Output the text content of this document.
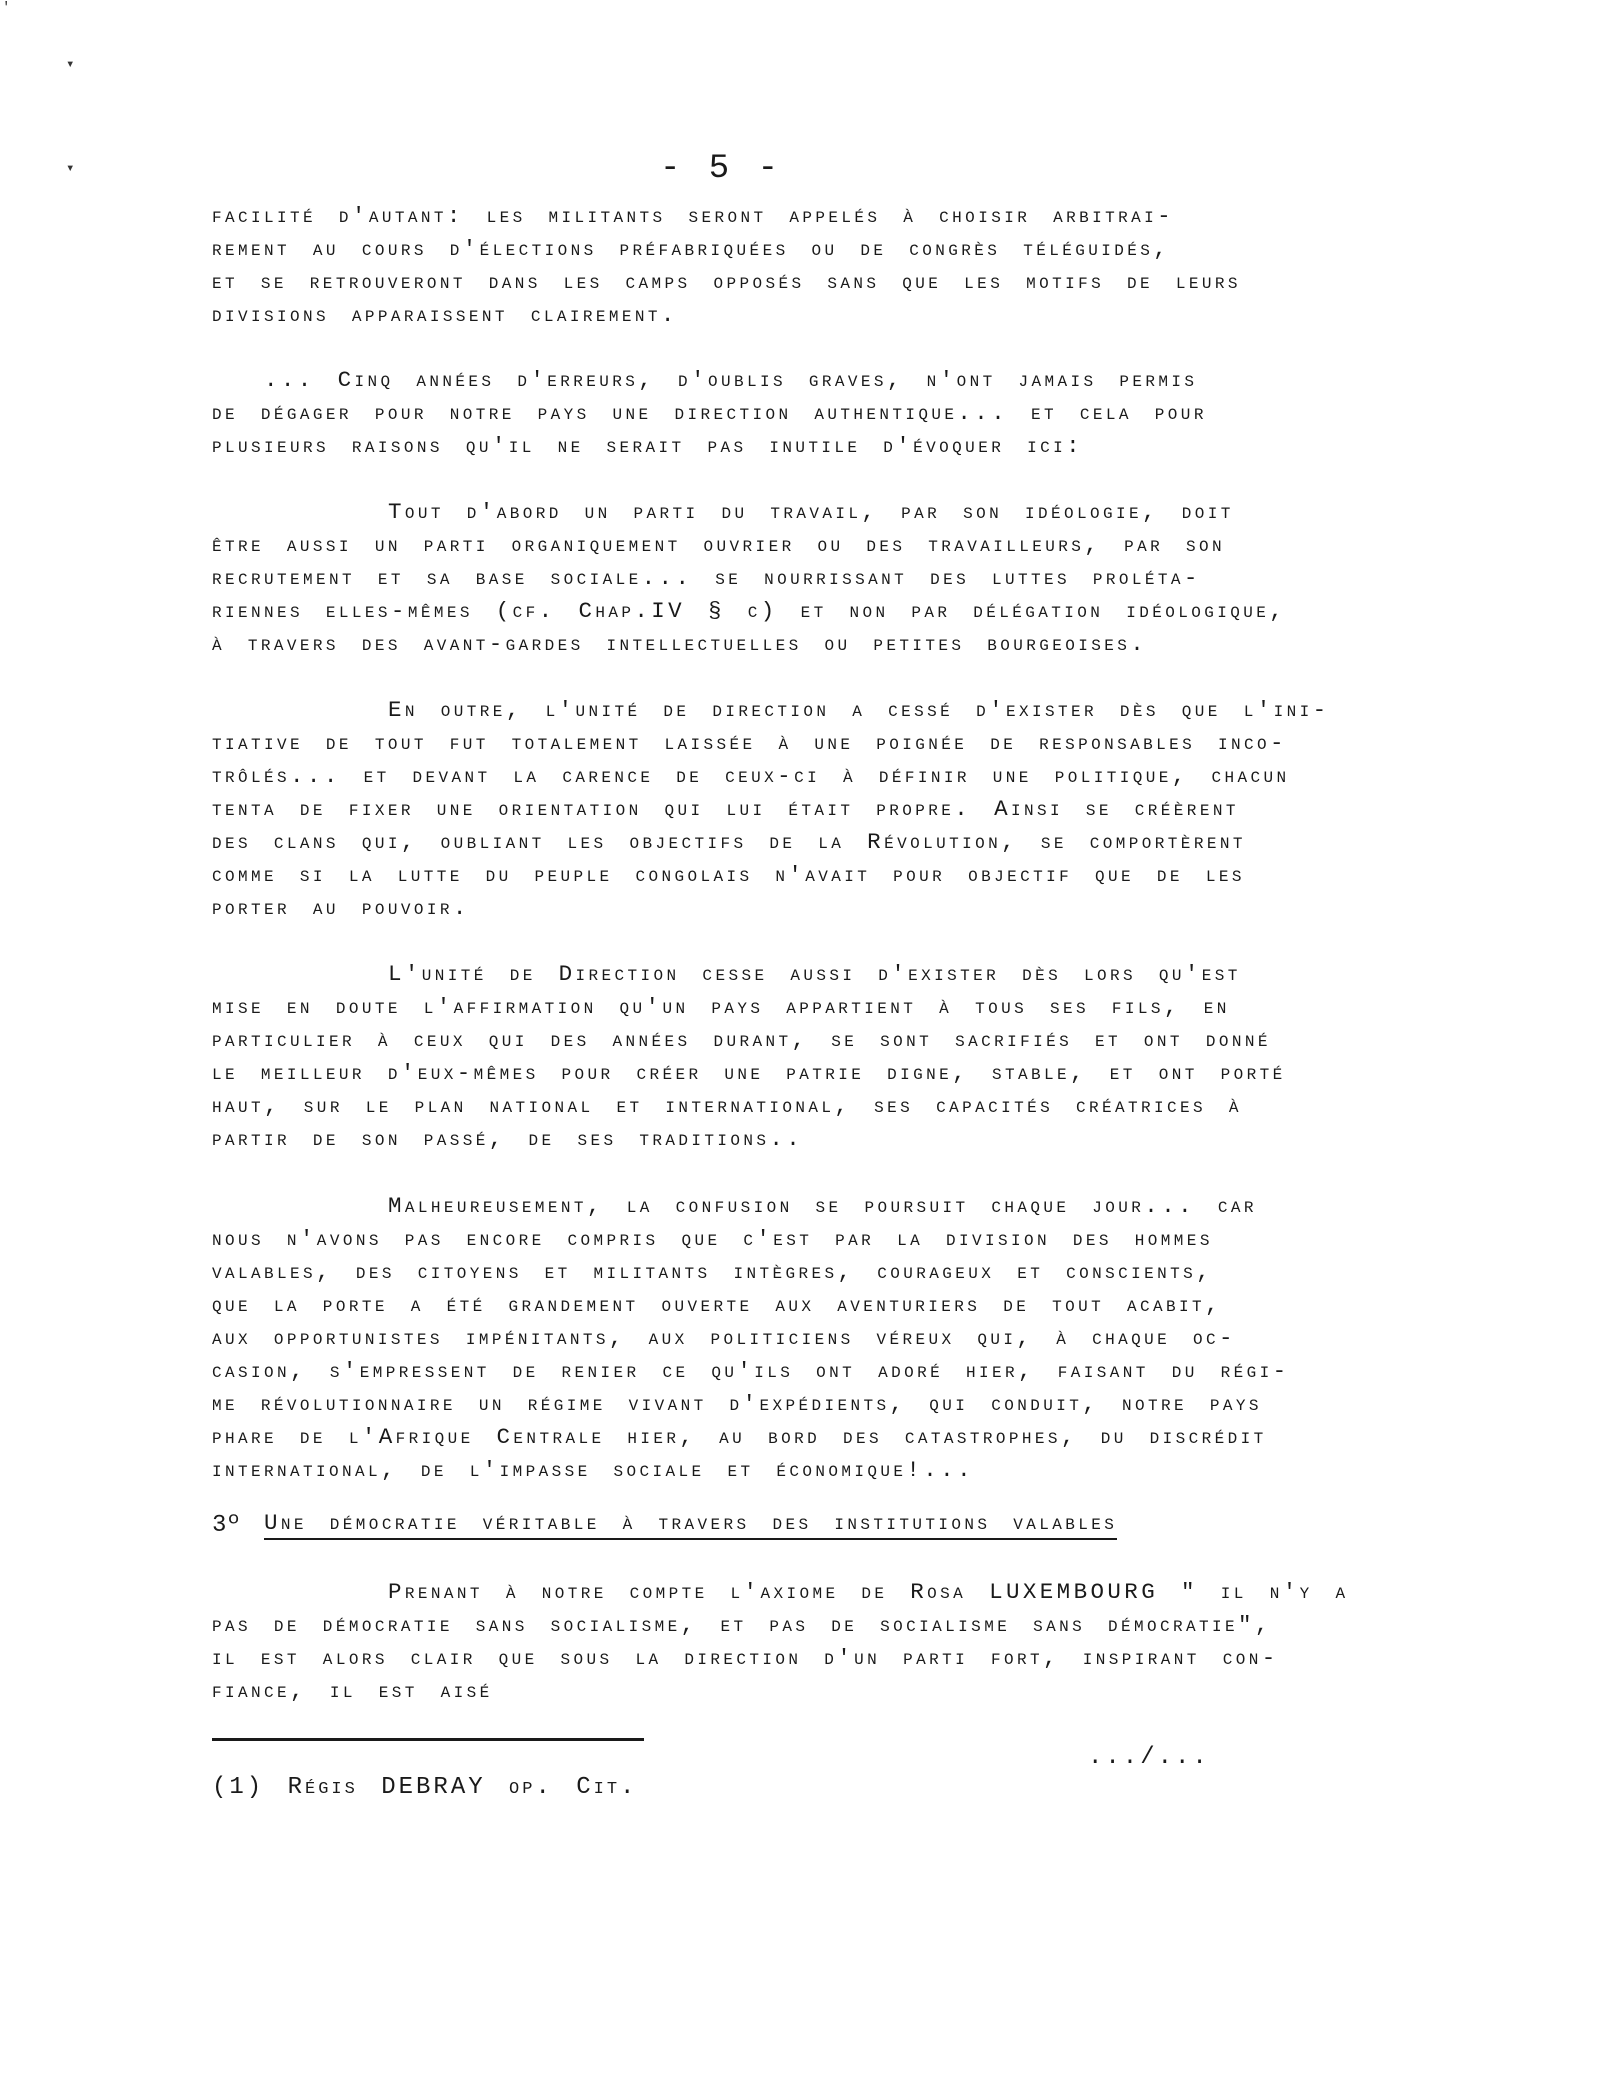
'
▾
▾	- 5 -
facilité d'autant: les militants seront appelés à choisir arbitrai-
rement au cours d'élections préfabriquées ou de congrès téléguidés,
et se retrouveront dans les camps opposés sans que les motifs de leurs
divisions apparaissent clairement.
... Cinq années d'erreurs, d'oublis graves, n'ont jamais permis
de dégager pour notre pays une direction authentique... et cela pour
plusieurs raisons qu'il ne serait pas inutile d'évoquer ici:
Tout d'abord un parti du travail, par son idéologie, doit
être aussi un parti organiquement ouvrier ou des travailleurs, par son
recrutement et sa base sociale... se nourrissant des luttes prolétа-
riennes elles-mêmes (cf. Chap.IV § c) et non par délégation idéologique,
à travers des avant-gardes intellectuelles ou petites bourgeoises.
En outre, l'unité de direction a cessé d'exister dès que l'ini-
tiative de tout fut totalement laissée à une poignée de responsables inco-
trôlés... et devant la carence de ceux-ci à définir une politique, chacun
tenta de fixer une orientation qui lui était propre. Ainsi se créèrent
des clans qui, oubliant les objectifs de la Révolution, se comportèrent
comme si la lutte du peuple congolais n'avait pour objectif que de les
porter au pouvoir.
L'unité de Direction cesse aussi d'exister dès lors qu'est
mise en doute l'affirmation qu'un pays appartient à tous ses fils, en
particulier à ceux qui des années durant, se sont sacrifiés et ont donné
le meilleur d'eux-mêmes pour créer une patrie digne, stable, et ont porté
haut, sur le plan national et international, ses capacités créatrices à
partir de son passé, de ses traditions..
Malheureusement, la confusion se poursuit chaque jour... car
nous n'avons pas encore compris que c'est par la division des hommes
valables, des citoyens et militants intègres, courageux et conscients,
que la porte a été grandement ouverte aux aventuriers de tout acabit,
aux opportunistes impénitants, aux politiciens véreux qui, à chaque oc-
casion, s'empressent de renier ce qu'ils ont adoré hier, faisant du régi-
me révolutionnaire un régime vivant d'expédients, qui conduit, notre pays
phare de l'Afrique Centrale hier, au bord des catastrophes, du discrédit
international, de l'impasse sociale et économique!...
3º Une démocratie véritable à travers des institutions valables
Prenant à notre compte l'axiome de Rosa LUXEMBOURG " il n'y a
pas de démocratie sans socialisme, et pas de socialisme sans démocratie",
il est alors clair que sous la direction d'un parti fort, inspirant con-
fiance, il est aisé
.../...
(1) Régis DEBRAY op. Cit.
